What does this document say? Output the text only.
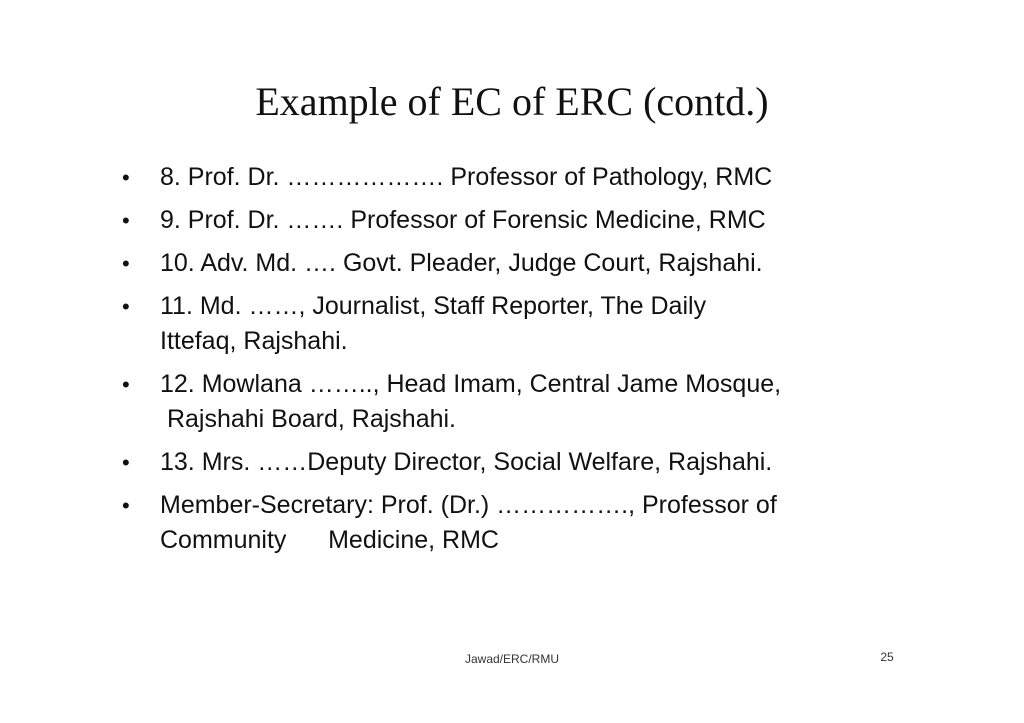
Example of EC of ERC (contd.)
• 8. Prof. Dr. ………………. Professor of Pathology, RMC
• 9. Prof. Dr. ……. Professor of Forensic Medicine, RMC
• 10. Adv. Md. …. Govt. Pleader, Judge Court, Rajshahi.
• 11. Md. ……, Journalist, Staff Reporter, The Daily
Ittefaq, Rajshahi.
• 12. Mowlana …….., Head Imam, Central Jame Mosque,
Rajshahi Board, Rajshahi.
• 13. Mrs. ……Deputy Director, Social Welfare, Rajshahi.
• Member-Secretary: Prof. (Dr.) ……………., Professor of
Community      Medicine, RMC
Jawad/ERC/RMU	25
